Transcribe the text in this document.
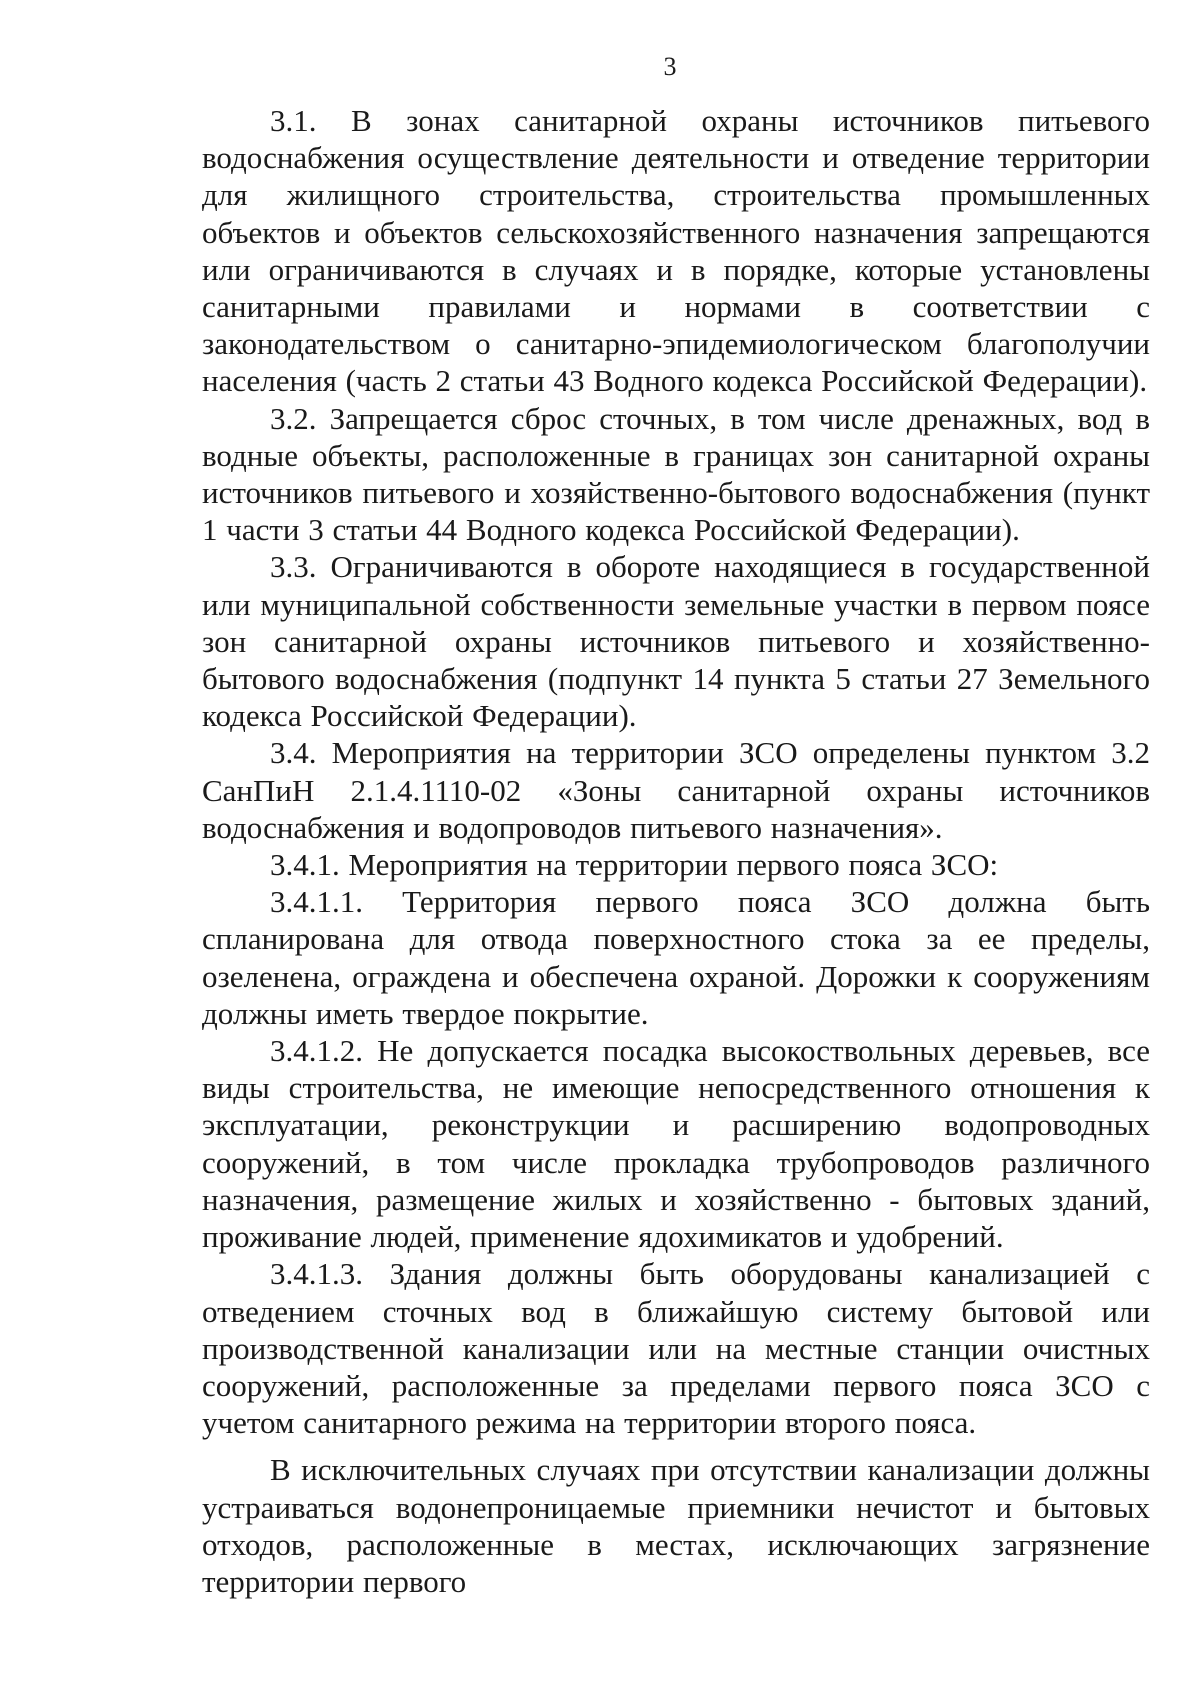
3

3.1. В зонах санитарной охраны источников питьевого водоснабжения осуществление деятельности и отведение территории для жилищного строительства, строительства промышленных объектов и объектов сельскохозяйственного назначения запрещаются или ограничиваются в случаях и в порядке, которые установлены санитарными правилами и нормами в соответствии с законодательством о санитарно-эпидемиологическом благополучии населения (часть 2 статьи 43 Водного кодекса Российской Федерации).

3.2. Запрещается сброс сточных, в том числе дренажных, вод в водные объекты, расположенные в границах зон санитарной охраны источников питьевого и хозяйственно-бытового водоснабжения (пункт 1 части 3 статьи 44 Водного кодекса Российской Федерации).

3.3. Ограничиваются в обороте находящиеся в государственной или муниципальной собственности земельные участки в первом поясе зон санитарной охраны источников питьевого и хозяйственно-бытового водоснабжения (подпункт 14 пункта 5 статьи 27 Земельного кодекса Российской Федерации).

3.4. Мероприятия на территории ЗСО определены пунктом 3.2 СанПиН 2.1.4.1110-02 «Зоны санитарной охраны источников водоснабжения и водопроводов питьевого назначения».

3.4.1. Мероприятия на территории первого пояса ЗСО:

3.4.1.1. Территория первого пояса ЗСО должна быть спланирована для отвода поверхностного стока за ее пределы, озеленена, ограждена и обеспечена охраной. Дорожки к сооружениям должны иметь твердое покрытие.

3.4.1.2. Не допускается посадка высокоствольных деревьев, все виды строительства, не имеющие непосредственного отношения к эксплуатации, реконструкции и расширению водопроводных сооружений, в том числе прокладка трубопроводов различного назначения, размещение жилых и хозяйственно - бытовых зданий, проживание людей, применение ядохимикатов и удобрений.

3.4.1.3. Здания должны быть оборудованы канализацией с отведением сточных вод в ближайшую систему бытовой или производственной канализации или на местные станции очистных сооружений, расположенные за пределами первого пояса ЗСО с учетом санитарного режима на территории второго пояса.

В исключительных случаях при отсутствии канализации должны устраиваться водонепроницаемые приемники нечистот и бытовых отходов, расположенные в местах, исключающих загрязнение территории первого
